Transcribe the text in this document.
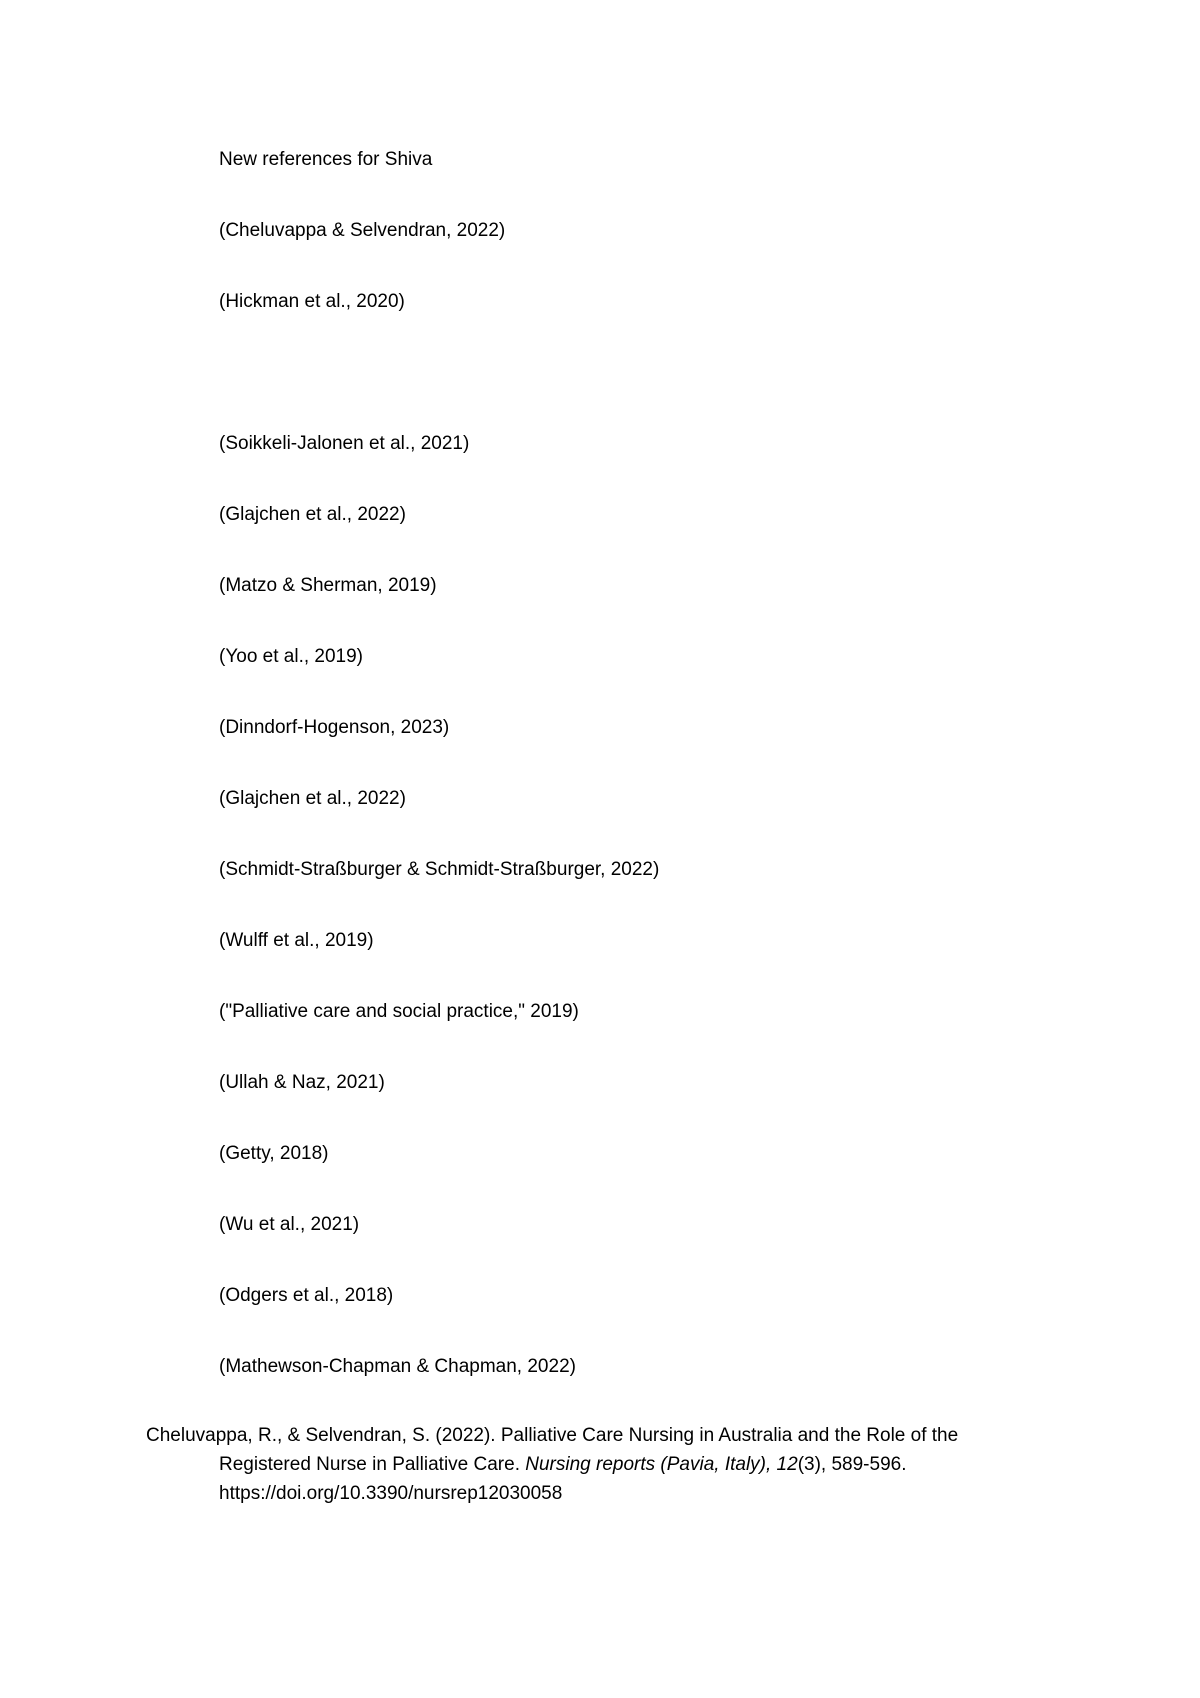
New references for Shiva
(Cheluvappa & Selvendran, 2022)
(Hickman et al., 2020)
(Soikkeli-Jalonen et al., 2021)
(Glajchen et al., 2022)
(Matzo & Sherman, 2019)
(Yoo et al., 2019)
(Dinndorf-Hogenson, 2023)
(Glajchen et al., 2022)
(Schmidt-Straßburger & Schmidt-Straßburger, 2022)
(Wulff et al., 2019)
("Palliative care and social practice," 2019)
(Ullah & Naz, 2021)
(Getty, 2018)
(Wu et al., 2021)
(Odgers et al., 2018)
(Mathewson-Chapman & Chapman, 2022)
Cheluvappa, R., & Selvendran, S. (2022). Palliative Care Nursing in Australia and the Role of the
Registered Nurse in Palliative Care. Nursing reports (Pavia, Italy), 12(3), 589-596.
https://doi.org/10.3390/nursrep12030058
